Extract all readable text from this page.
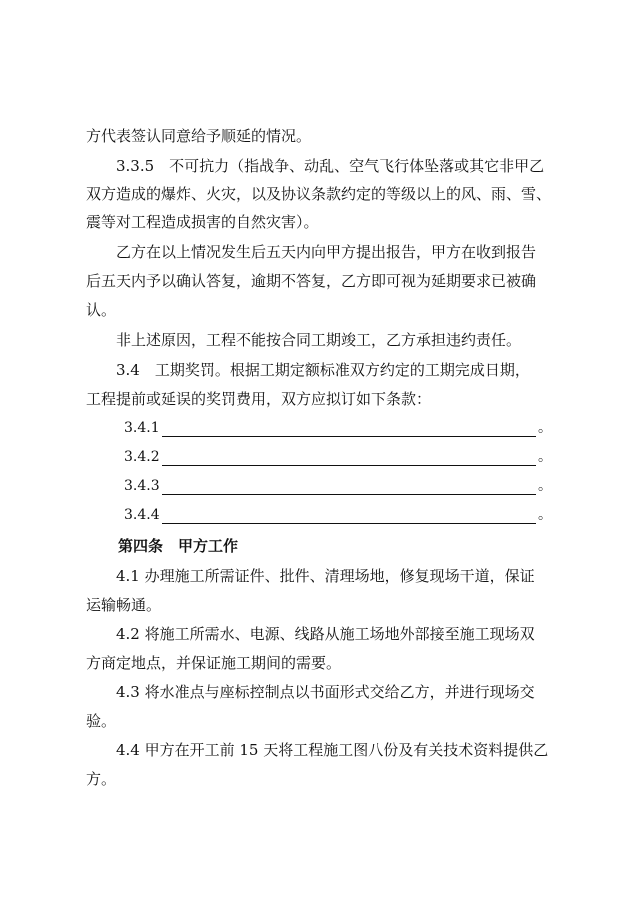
方代表签认同意给予顺延的情况。
3.3.5　不可抗力（指战争、动乱、空气飞行体坠落或其它非甲乙
双方造成的爆炸、火灾，以及协议条款约定的等级以上的风、雨、雪、
震等对工程造成损害的自然灾害）。
乙方在以上情况发生后五天内向甲方提出报告，甲方在收到报告
后五天内予以确认答复，逾期不答复，乙方即可视为延期要求已被确
认。
非上述原因，工程不能按合同工期竣工，乙方承担违约责任。
3.4　工期奖罚。根据工期定额标准双方约定的工期完成日期，
工程提前或延误的奖罚费用，双方应拟订如下条款：
3.4.1	。
3.4.2	。
3.4.3	。
3.4.4	。
第四条　甲方工作
4.1 办理施工所需证件、批件、清理场地，修复现场干道，保证
运输畅通。
4.2 将施工所需水、电源、线路从施工场地外部接至施工现场双
方商定地点，并保证施工期间的需要。
4.3 将水准点与座标控制点以书面形式交给乙方，并进行现场交
验。
4.4 甲方在开工前 15 天将工程施工图八份及有关技术资料提供乙
方。
